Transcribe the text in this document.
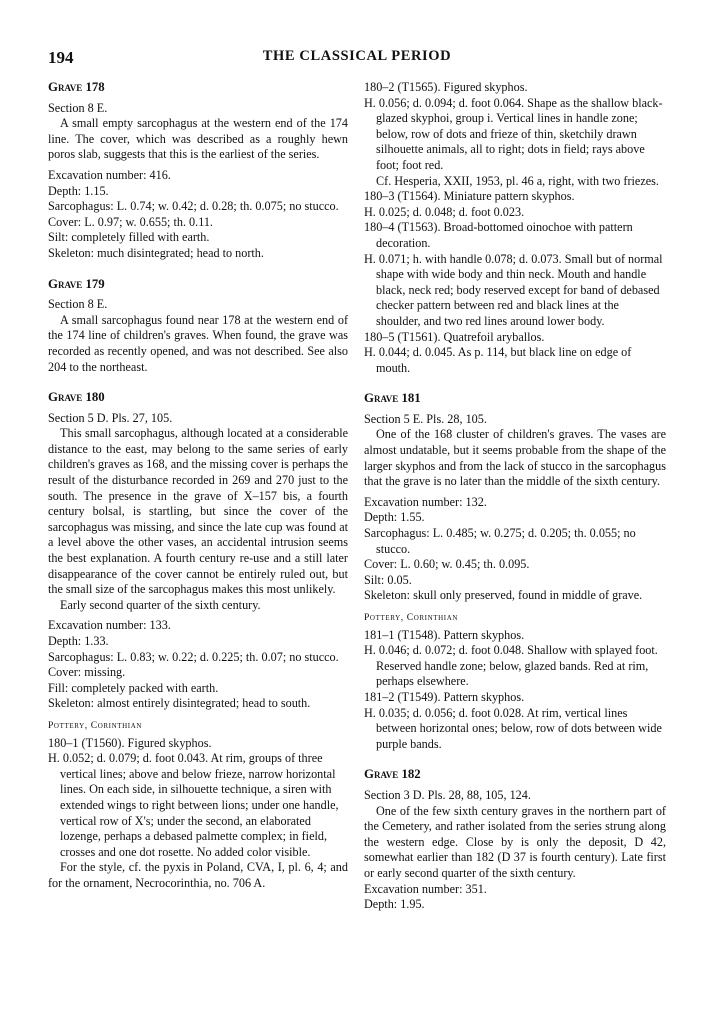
194	THE CLASSICAL PERIOD
Grave 178
Section 8 E.

A small empty sarcophagus at the western end of the 174 line. The cover, which was described as a roughly hewn poros slab, suggests that this is the earliest of the series.

Excavation number: 416.
Depth: 1.15.
Sarcophagus: L. 0.74; w. 0.42; d. 0.28; th. 0.075; no stucco.
Cover: L. 0.97; w. 0.655; th. 0.11.
Silt: completely filled with earth.
Skeleton: much disintegrated; head to north.
Grave 179
Section 8 E.

A small sarcophagus found near 178 at the western end of the 174 line of children's graves. When found, the grave was recorded as recently opened, and was not described. See also 204 to the northeast.

Grave 180
Section 5 D. Pls. 27, 105.

This small sarcophagus, although located at a considerable distance to the east, may belong to the same series of early children's graves as 168, and the missing cover is perhaps the result of the disturbance recorded in 269 and 270 just to the south. The presence in the grave of X–157 bis, a fourth century bolsal, is startling, but since the cover of the sarcophagus was missing, and since the late cup was found at a level above the other vases, an accidental intrusion seems the best explanation. A fourth century re-use and a still later disappearance of the cover cannot be entirely ruled out, but the small size of the sarcophagus makes this most unlikely.

Early second quarter of the sixth century.

Excavation number: 133.
Depth: 1.33.
Sarcophagus: L. 0.83; w. 0.22; d. 0.225; th. 0.07; no stucco.
Cover: missing.
Fill: completely packed with earth.
Skeleton: almost entirely disintegrated; head to south.
Pottery, Corinthian
180–1 (T1560). Figured skyphos.

H. 0.052; d. 0.079; d. foot 0.043. At rim, groups of three vertical lines; above and below frieze, narrow horizontal lines. On each side, in silhouette technique, a siren with extended wings to right between lions; under one handle, vertical row of X's; under the second, an elaborated lozenge, perhaps a debased palmette complex; in field, crosses and one dot rosette. No added color visible.

For the style, cf. the pyxis in Poland, CVA, I, pl. 6, 4; and for the ornament, Necrocorinthia, no. 706 A.

180–2 (T1565). Figured skyphos.

H. 0.056; d. 0.094; d. foot 0.064. Shape as the shallow black-glazed skyphoi, group i. Vertical lines in handle zone; below, row of dots and frieze of thin, sketchily drawn silhouette animals, all to right; dots in field; rays above foot; foot red.

Cf. Hesperia, XXII, 1953, pl. 46 a, right, with two friezes.

180–3 (T1564). Miniature pattern skyphos.
H. 0.025; d. 0.048; d. foot 0.023.

180–4 (T1563). Broad-bottomed oinochoe with pattern decoration.

H. 0.071; h. with handle 0.078; d. 0.073. Small but of normal shape with wide body and thin neck. Mouth and handle black, neck red; body reserved except for band of debased checker pattern between red and black lines at the shoulder, and two red lines around lower body.

180–5 (T1561). Quatrefoil aryballos.

H. 0.044; d. 0.045. As p. 114, but black line on edge of mouth.

Grave 181
Section 5 E. Pls. 28, 105.

One of the 168 cluster of children's graves. The vases are almost undatable, but it seems probable from the shape of the larger skyphos and from the lack of stucco in the sarcophagus that the grave is no later than the middle of the sixth century.

Excavation number: 132.
Depth: 1.55.
Sarcophagus: L. 0.485; w. 0.275; d. 0.205; th. 0.055; no stucco.
Cover: L. 0.60; w. 0.45; th. 0.095.
Silt: 0.05.
Skeleton: skull only preserved, found in middle of grave.
Pottery, Corinthian
181–1 (T1548). Pattern skyphos.

H. 0.046; d. 0.072; d. foot 0.048. Shallow with splayed foot. Reserved handle zone; below, glazed bands. Red at rim, perhaps elsewhere.

181–2 (T1549). Pattern skyphos.

H. 0.035; d. 0.056; d. foot 0.028. At rim, vertical lines between horizontal ones; below, row of dots between wide purple bands.

Grave 182
Section 3 D. Pls. 28, 88, 105, 124.

One of the few sixth century graves in the northern part of the Cemetery, and rather isolated from the series strung along the western edge. Close by is only the deposit, D 42, somewhat earlier than 182 (D 37 is fourth century). Late first or early second quarter of the sixth century.

Excavation number: 351.
Depth: 1.95.
